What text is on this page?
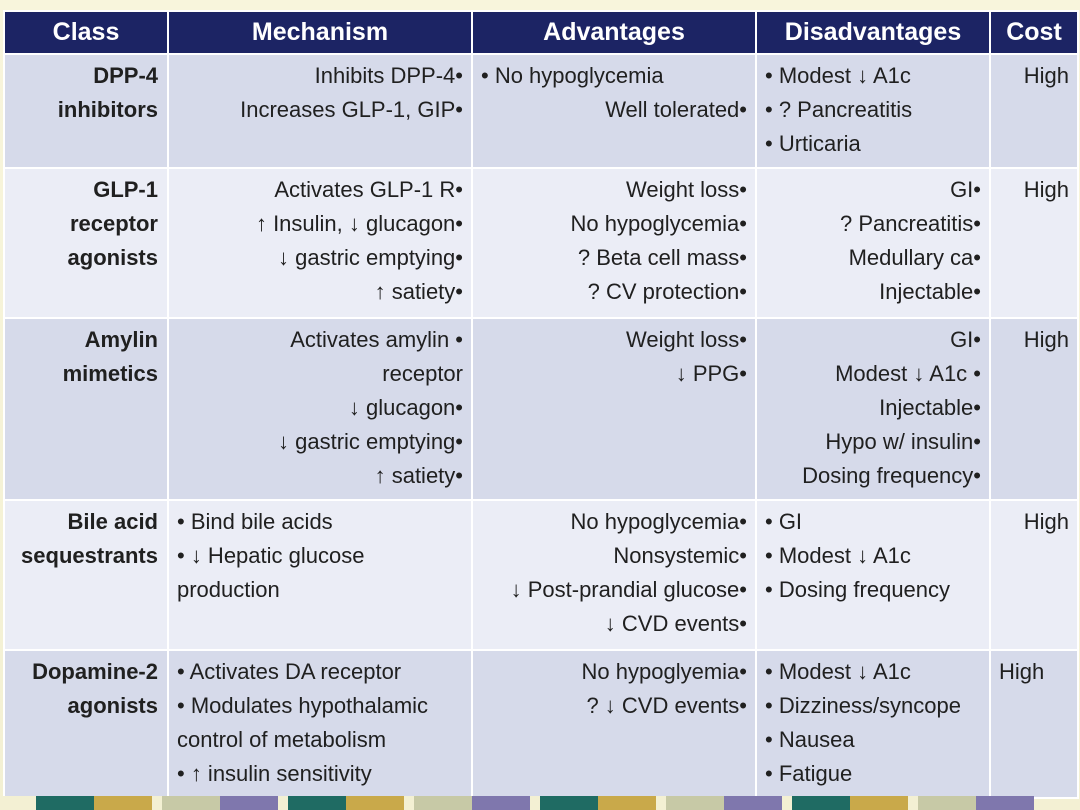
Class	Mechanism	Advantages	Disadvantages	Cost

DPP-4
inhibitors	Inhibits DPP-4•
Increases GLP-1, GIP•	• No hypoglycemia
Well tolerated•	• Modest ↓ A1c
• ? Pancreatitis
• Urticaria	High

GLP-1
receptor
agonists	Activates GLP-1 R•
↑ Insulin, ↓ glucagon•
↓ gastric emptying•
↑ satiety•	Weight loss•
No hypoglycemia•
? Beta cell mass•
? CV protection•	GI•
? Pancreatitis•
Medullary ca•
Injectable•	High

Amylin
mimetics	Activates amylin •
receptor
↓ glucagon•
↓ gastric emptying•
↑ satiety•	Weight loss•
↓ PPG•	GI•
Modest ↓ A1c •
Injectable•
Hypo w/ insulin•
Dosing frequency•	High

Bile acid
sequestrants	• Bind bile acids
• ↓ Hepatic glucose
production	No hypoglycemia•
Nonsystemic•
↓ Post-prandial glucose•
↓ CVD events•	• GI
• Modest ↓ A1c
• Dosing frequency	High

Dopamine-2
agonists	• Activates DA receptor
• Modulates hypothalamic
control of metabolism
• ↑ insulin sensitivity	No hypoglyemia•
? ↓ CVD events•	• Modest ↓ A1c
• Dizziness/syncope
• Nausea
• Fatigue	High
